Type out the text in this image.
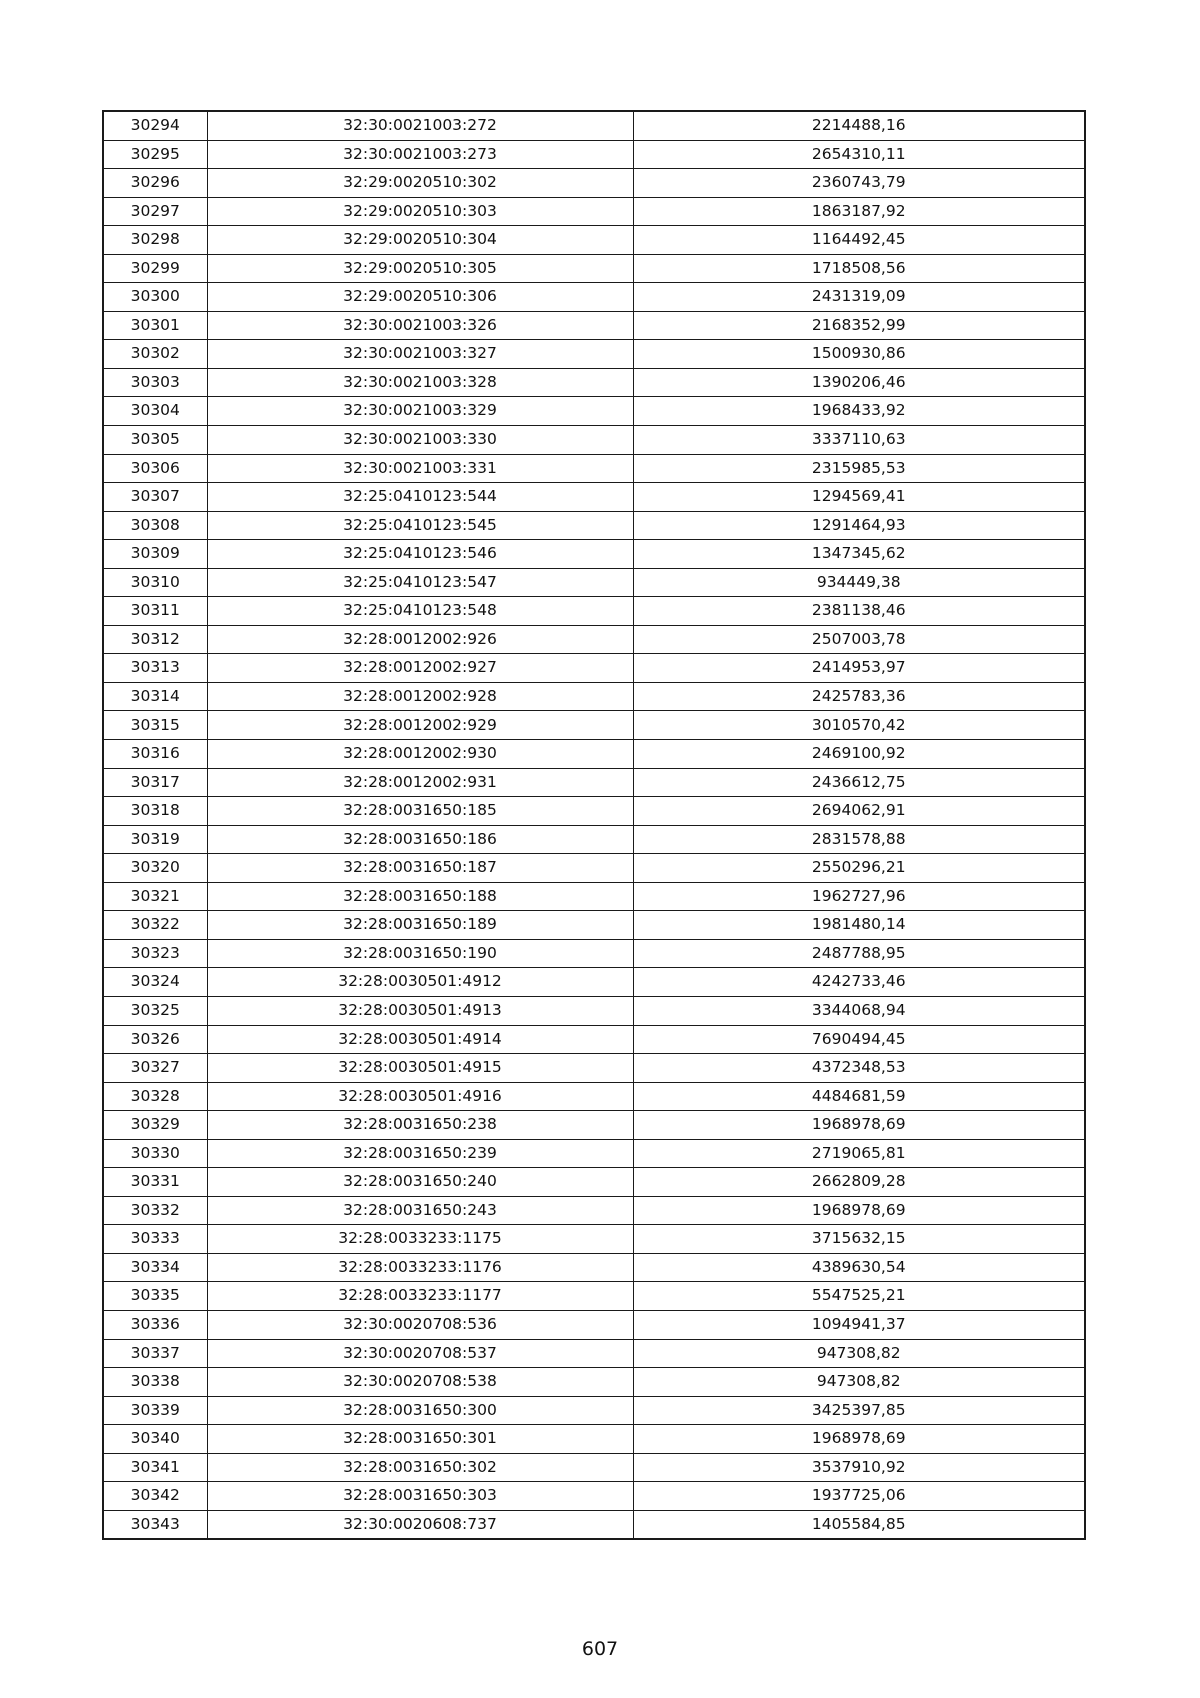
30294	32:30:0021003:272	2214488,16
30295	32:30:0021003:273	2654310,11
30296	32:29:0020510:302	2360743,79
30297	32:29:0020510:303	1863187,92
30298	32:29:0020510:304	1164492,45
30299	32:29:0020510:305	1718508,56
30300	32:29:0020510:306	2431319,09
30301	32:30:0021003:326	2168352,99
30302	32:30:0021003:327	1500930,86
30303	32:30:0021003:328	1390206,46
30304	32:30:0021003:329	1968433,92
30305	32:30:0021003:330	3337110,63
30306	32:30:0021003:331	2315985,53
30307	32:25:0410123:544	1294569,41
30308	32:25:0410123:545	1291464,93
30309	32:25:0410123:546	1347345,62
30310	32:25:0410123:547	934449,38
30311	32:25:0410123:548	2381138,46
30312	32:28:0012002:926	2507003,78
30313	32:28:0012002:927	2414953,97
30314	32:28:0012002:928	2425783,36
30315	32:28:0012002:929	3010570,42
30316	32:28:0012002:930	2469100,92
30317	32:28:0012002:931	2436612,75
30318	32:28:0031650:185	2694062,91
30319	32:28:0031650:186	2831578,88
30320	32:28:0031650:187	2550296,21
30321	32:28:0031650:188	1962727,96
30322	32:28:0031650:189	1981480,14
30323	32:28:0031650:190	2487788,95
30324	32:28:0030501:4912	4242733,46
30325	32:28:0030501:4913	3344068,94
30326	32:28:0030501:4914	7690494,45
30327	32:28:0030501:4915	4372348,53
30328	32:28:0030501:4916	4484681,59
30329	32:28:0031650:238	1968978,69
30330	32:28:0031650:239	2719065,81
30331	32:28:0031650:240	2662809,28
30332	32:28:0031650:243	1968978,69
30333	32:28:0033233:1175	3715632,15
30334	32:28:0033233:1176	4389630,54
30335	32:28:0033233:1177	5547525,21
30336	32:30:0020708:536	1094941,37
30337	32:30:0020708:537	947308,82
30338	32:30:0020708:538	947308,82
30339	32:28:0031650:300	3425397,85
30340	32:28:0031650:301	1968978,69
30341	32:28:0031650:302	3537910,92
30342	32:28:0031650:303	1937725,06
30343	32:30:0020608:737	1405584,85
607
